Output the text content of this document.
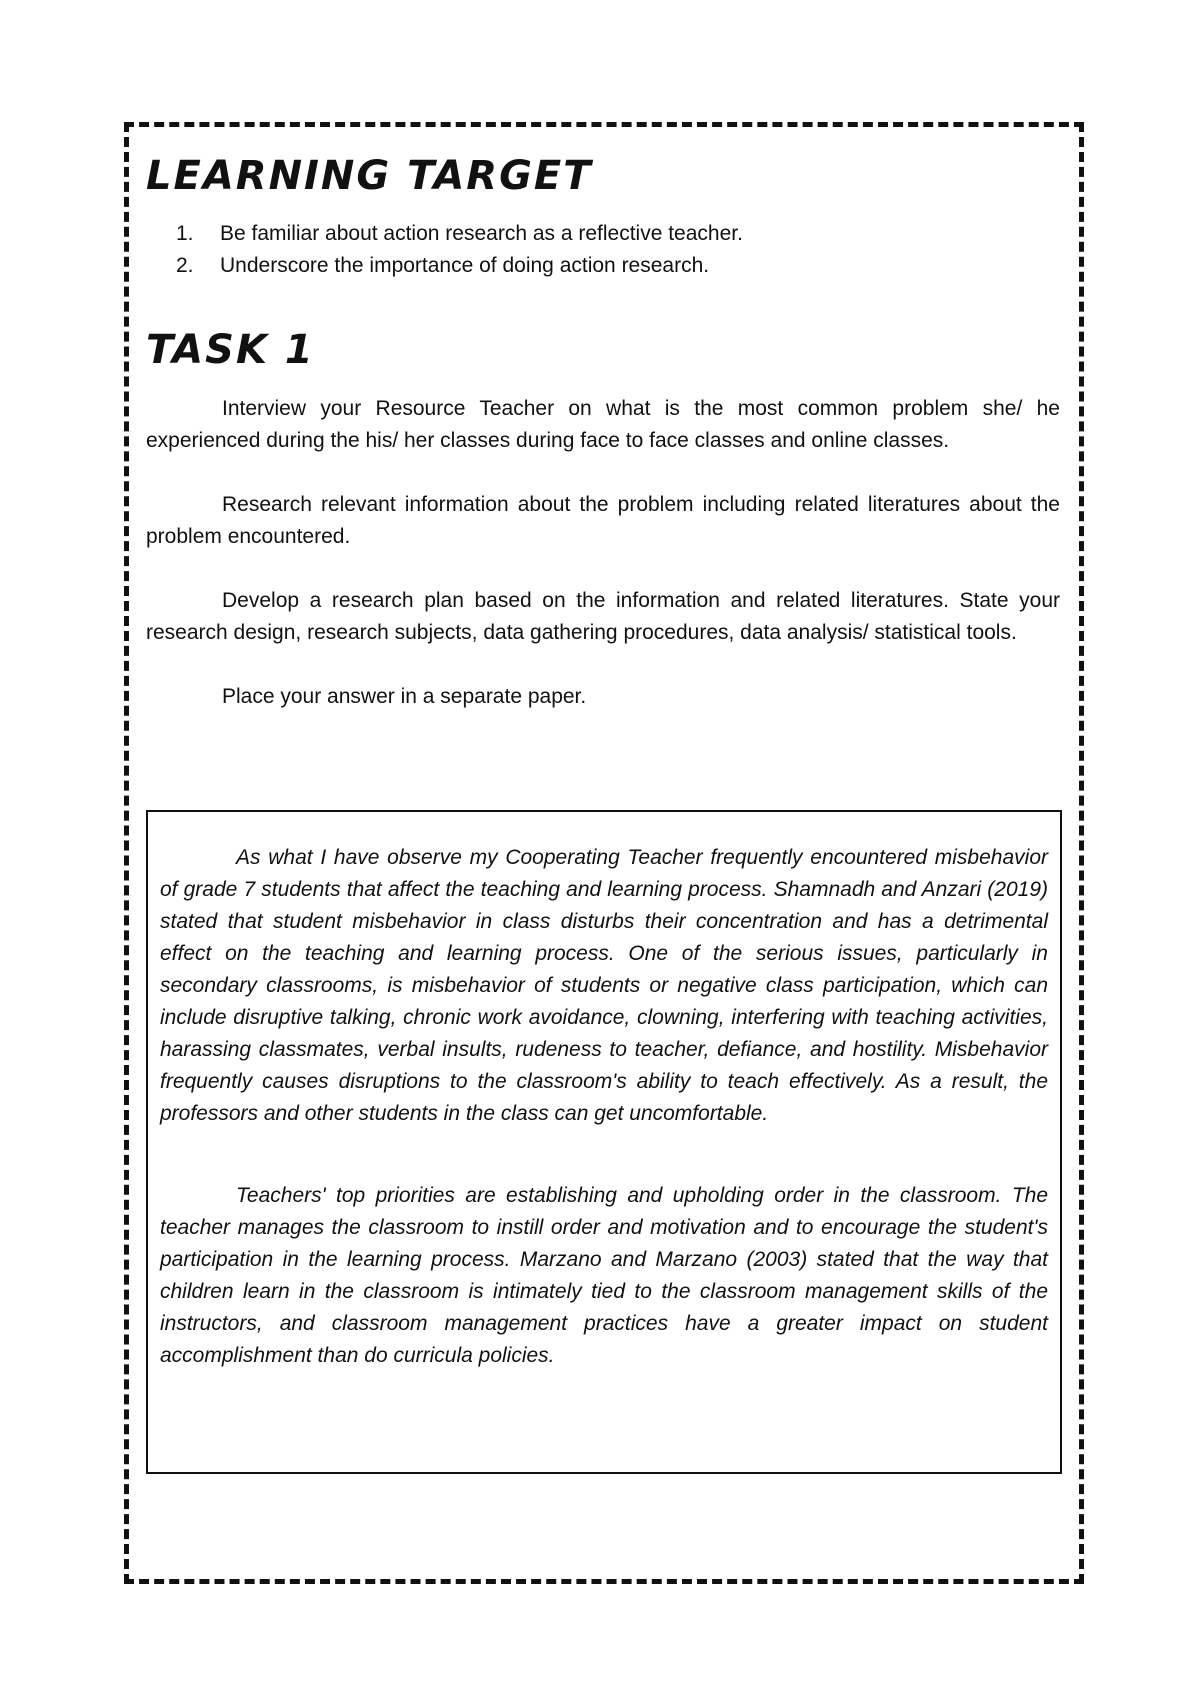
LEARNING TARGET
1.	Be familiar about action research as a reflective teacher.
2.	Underscore the importance of doing action research.
TASK 1

Interview your Resource Teacher on what is the most common problem she/ he experienced during the his/ her classes during face to face classes and online classes.

Research relevant information about the problem including related literatures about the problem encountered.

Develop a research plan based on the information and related literatures. State your research design, research subjects, data gathering procedures, data analysis/ statistical tools.

Place your answer in a separate paper.

As what I have observe my Cooperating Teacher frequently encountered misbehavior of grade 7 students that affect the teaching and learning process. Shamnadh and Anzari (2019) stated that student misbehavior in class disturbs their concentration and has a detrimental effect on the teaching and learning process. One of the serious issues, particularly in secondary classrooms, is misbehavior of students or negative class participation, which can include disruptive talking, chronic work avoidance, clowning, interfering with teaching activities, harassing classmates, verbal insults, rudeness to teacher, defiance, and hostility. Misbehavior frequently causes disruptions to the classroom's ability to teach effectively. As a result, the professors and other students in the class can get uncomfortable.

Teachers' top priorities are establishing and upholding order in the classroom. The teacher manages the classroom to instill order and motivation and to encourage the student's participation in the learning process. Marzano and Marzano (2003) stated that the way that children learn in the classroom is intimately tied to the classroom management skills of the instructors, and classroom management practices have a greater impact on student accomplishment than do curricula policies.
